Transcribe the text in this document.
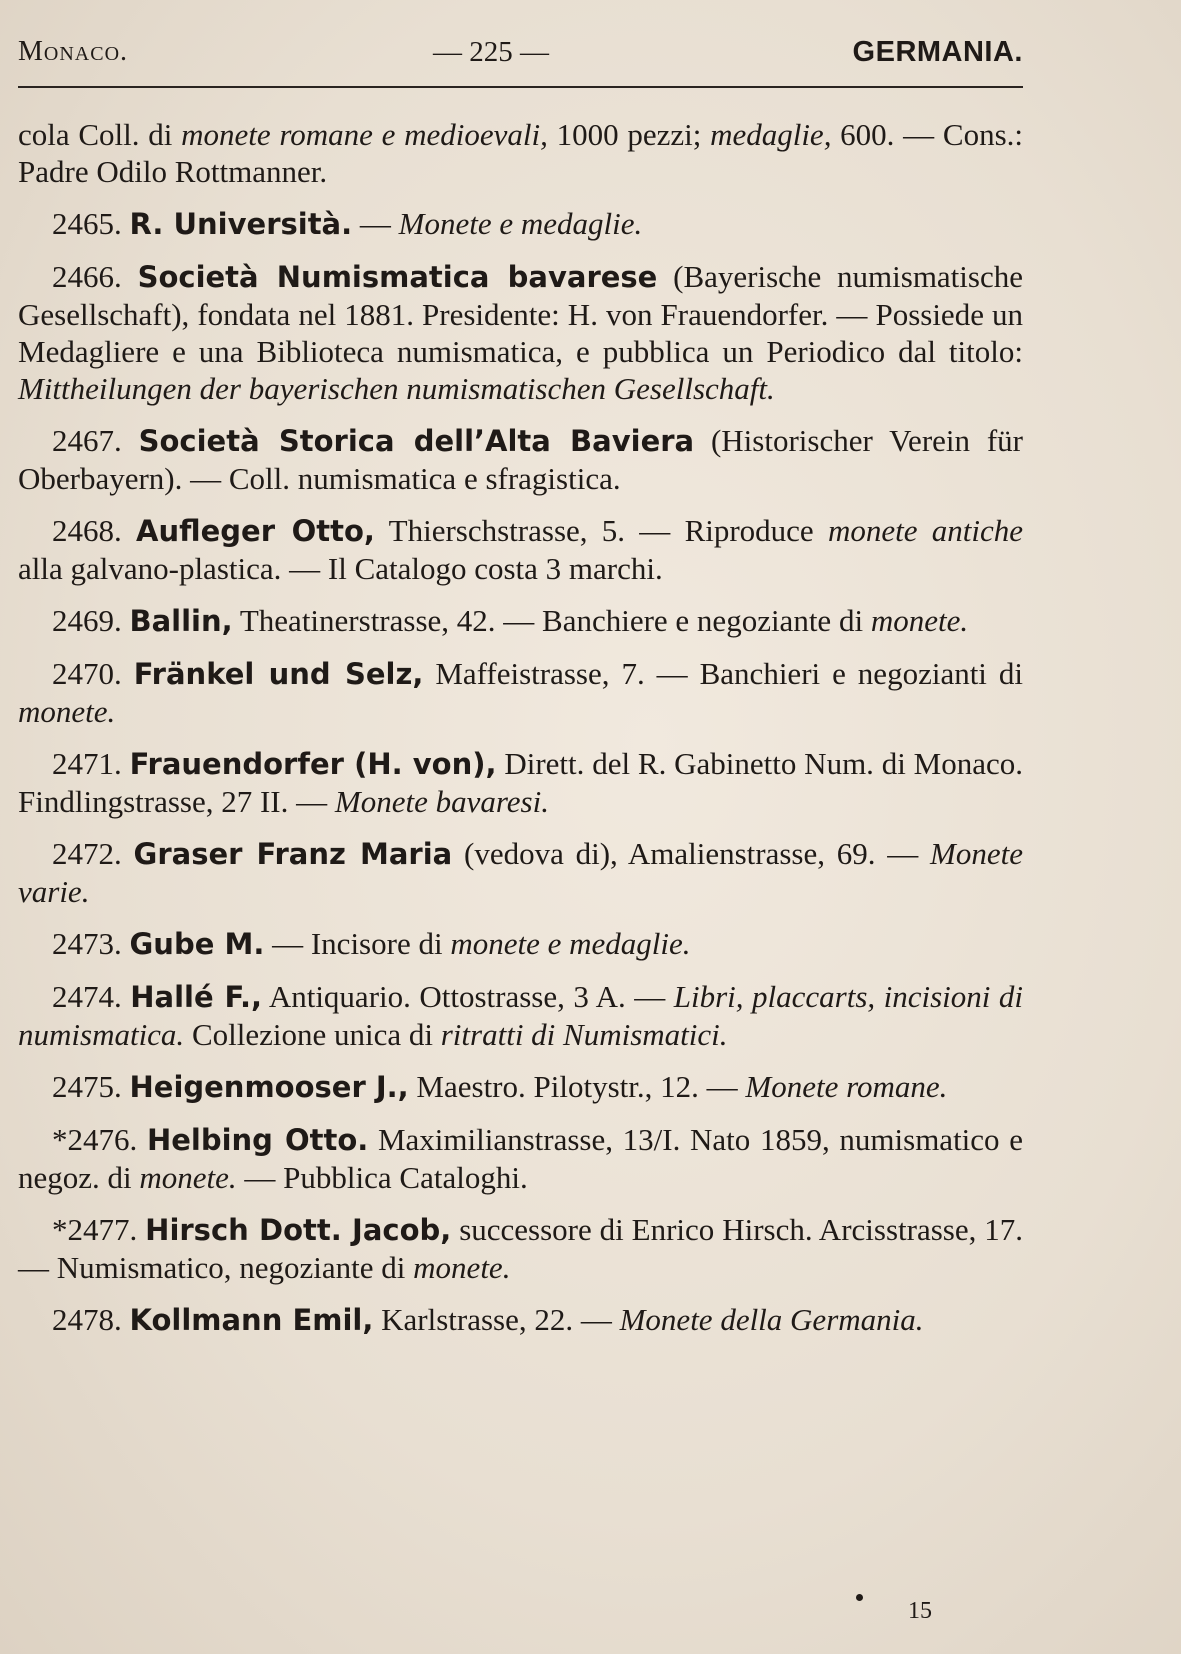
Monaco.	— 225 —	GERMANIA.

cola Coll. di monete romane e medioevali, 1000 pezzi; medaglie, 600. — Cons.: Padre Odilo Rottmanner.

2465. R. Università. — Monete e medaglie.

2466. Società Numismatica bavarese (Bayerische numismatische Gesellschaft), fondata nel 1881. Presidente: H. von Frauendorfer. — Possiede un Medagliere e una Biblioteca numismatica, e pubblica un Periodico dal titolo: Mittheilungen der bayerischen numismatischen Gesellschaft.

2467. Società Storica dell’Alta Baviera (Historischer Verein für Oberbayern). — Coll. numismatica e sfragistica.

2468. Aufleger Otto, Thierschstrasse, 5. — Riproduce monete antiche alla galvano-plastica. — Il Catalogo costa 3 marchi.

2469. Ballin, Theatinerstrasse, 42. — Banchiere e negoziante di monete.

2470. Fränkel und Selz, Maffeistrasse, 7. — Banchieri e negozianti di monete.

2471. Frauendorfer (H. von), Dirett. del R. Gabinetto Num. di Monaco. Findlingstrasse, 27 II. — Monete bavaresi.

2472. Graser Franz Maria (vedova di), Amalienstrasse, 69. — Monete varie.

2473. Gube M. — Incisore di monete e medaglie.

2474. Hallé F., Antiquario. Ottostrasse, 3 A. — Libri, placcarts, incisioni di numismatica. Collezione unica di ritratti di Numismatici.

2475. Heigenmooser J., Maestro. Pilotystr., 12. — Monete romane.

*2476. Helbing Otto. Maximilianstrasse, 13/I. Nato 1859, numismatico e negoz. di monete. — Pubblica Cataloghi.

*2477. Hirsch Dott. Jacob, successore di Enrico Hirsch. Arcisstrasse, 17. — Numismatico, negoziante di monete.

2478. Kollmann Emil, Karlstrasse, 22. — Monete della Germania.

15
